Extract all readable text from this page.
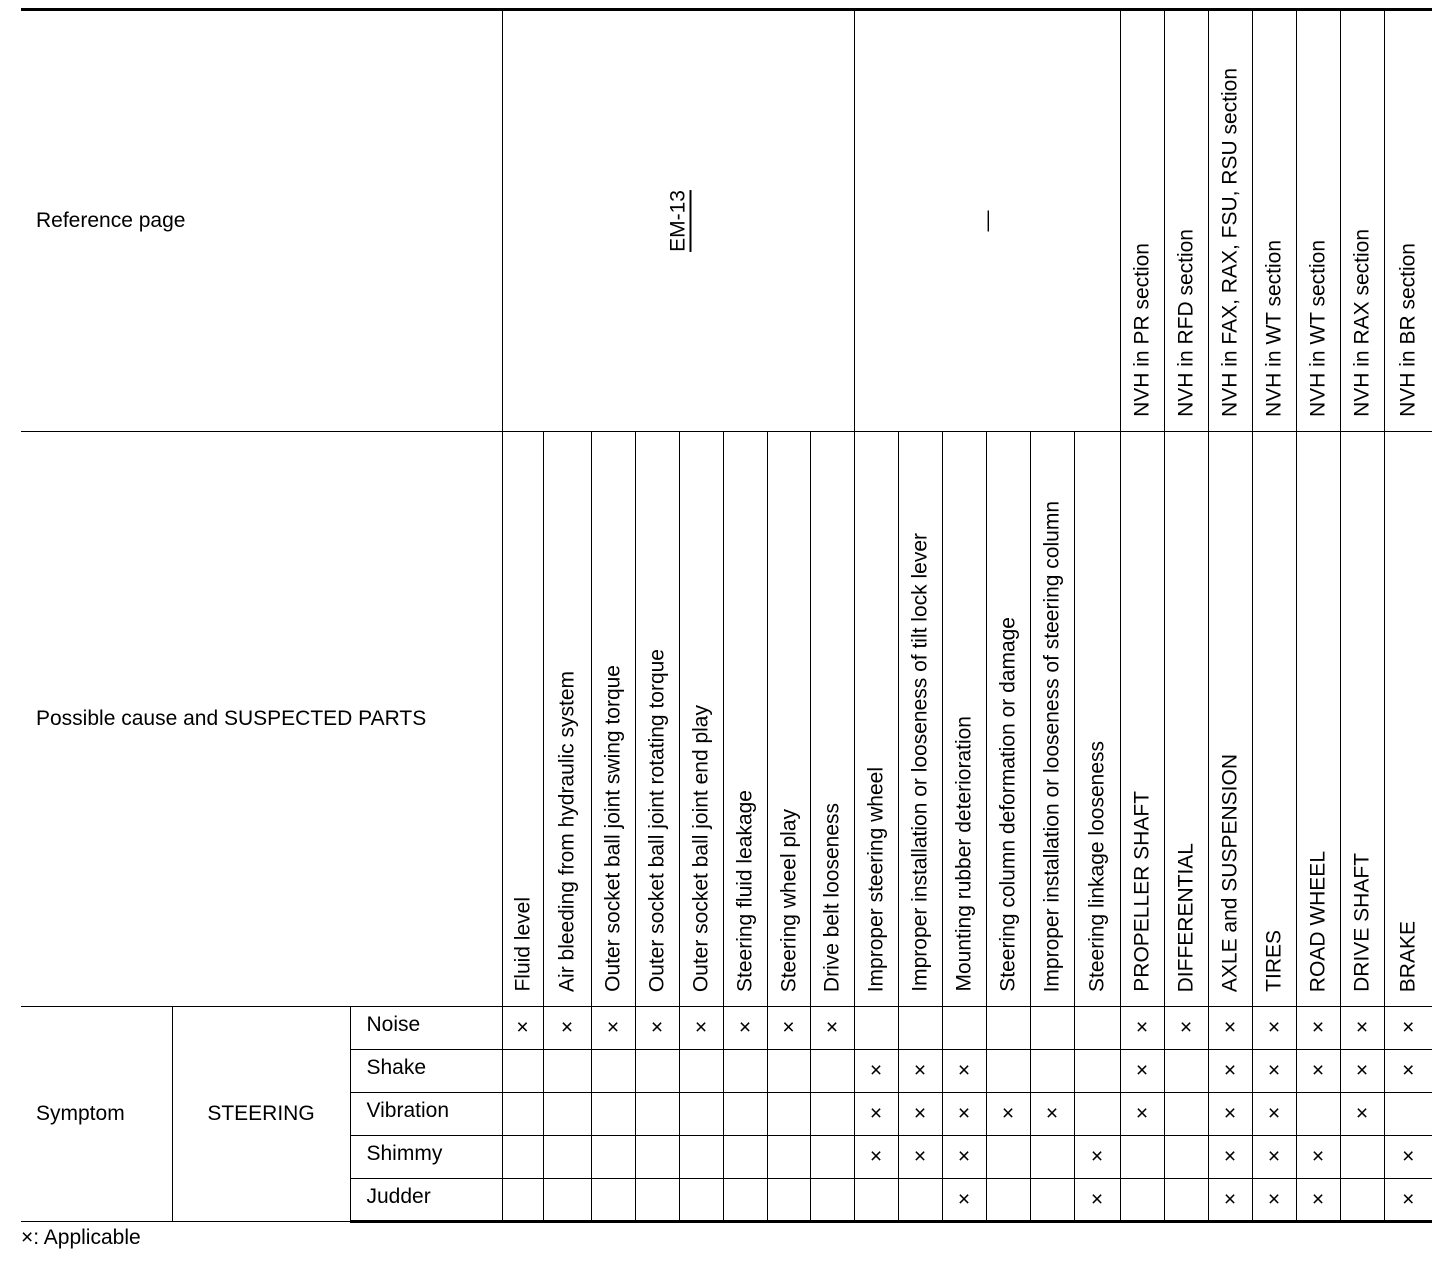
Reference page			EM-13								—						NVH in PR section	NVH in RFD section	NVH in FAX, RAX, FSU, RSU section	NVH in WT section	NVH in WT section	NVH in RAX section	NVH in BR section

Possible cause and SUSPECTED PARTS			Fluid level	Air bleeding from hydraulic system	Outer socket ball joint swing torque	Outer socket ball joint rotating torque	Outer socket ball joint end play	Steering fluid leakage	Steering wheel play	Drive belt looseness	Improper steering wheel	Improper installation or looseness of tilt lock lever	Mounting rubber deterioration	Steering column deformation or damage	Improper installation or looseness of steering column	Steering linkage looseness	PROPELLER SHAFT	DIFFERENTIAL	AXLE and SUSPENSION	TIRES	ROAD WHEEL	DRIVE SHAFT	BRAKE

Symptom	STEERING	Noise	×	×	×	×	×	×	×	×							×	×	×	×	×	×	×
		Shake									×	×	×				×		×	×	×	×	×
		Vibration									×	×	×	×	×		×		×	×		×	
		Shimmy									×	×	×			×			×	×	×		×
		Judder											×			×			×	×	×		×
×: Applicable
